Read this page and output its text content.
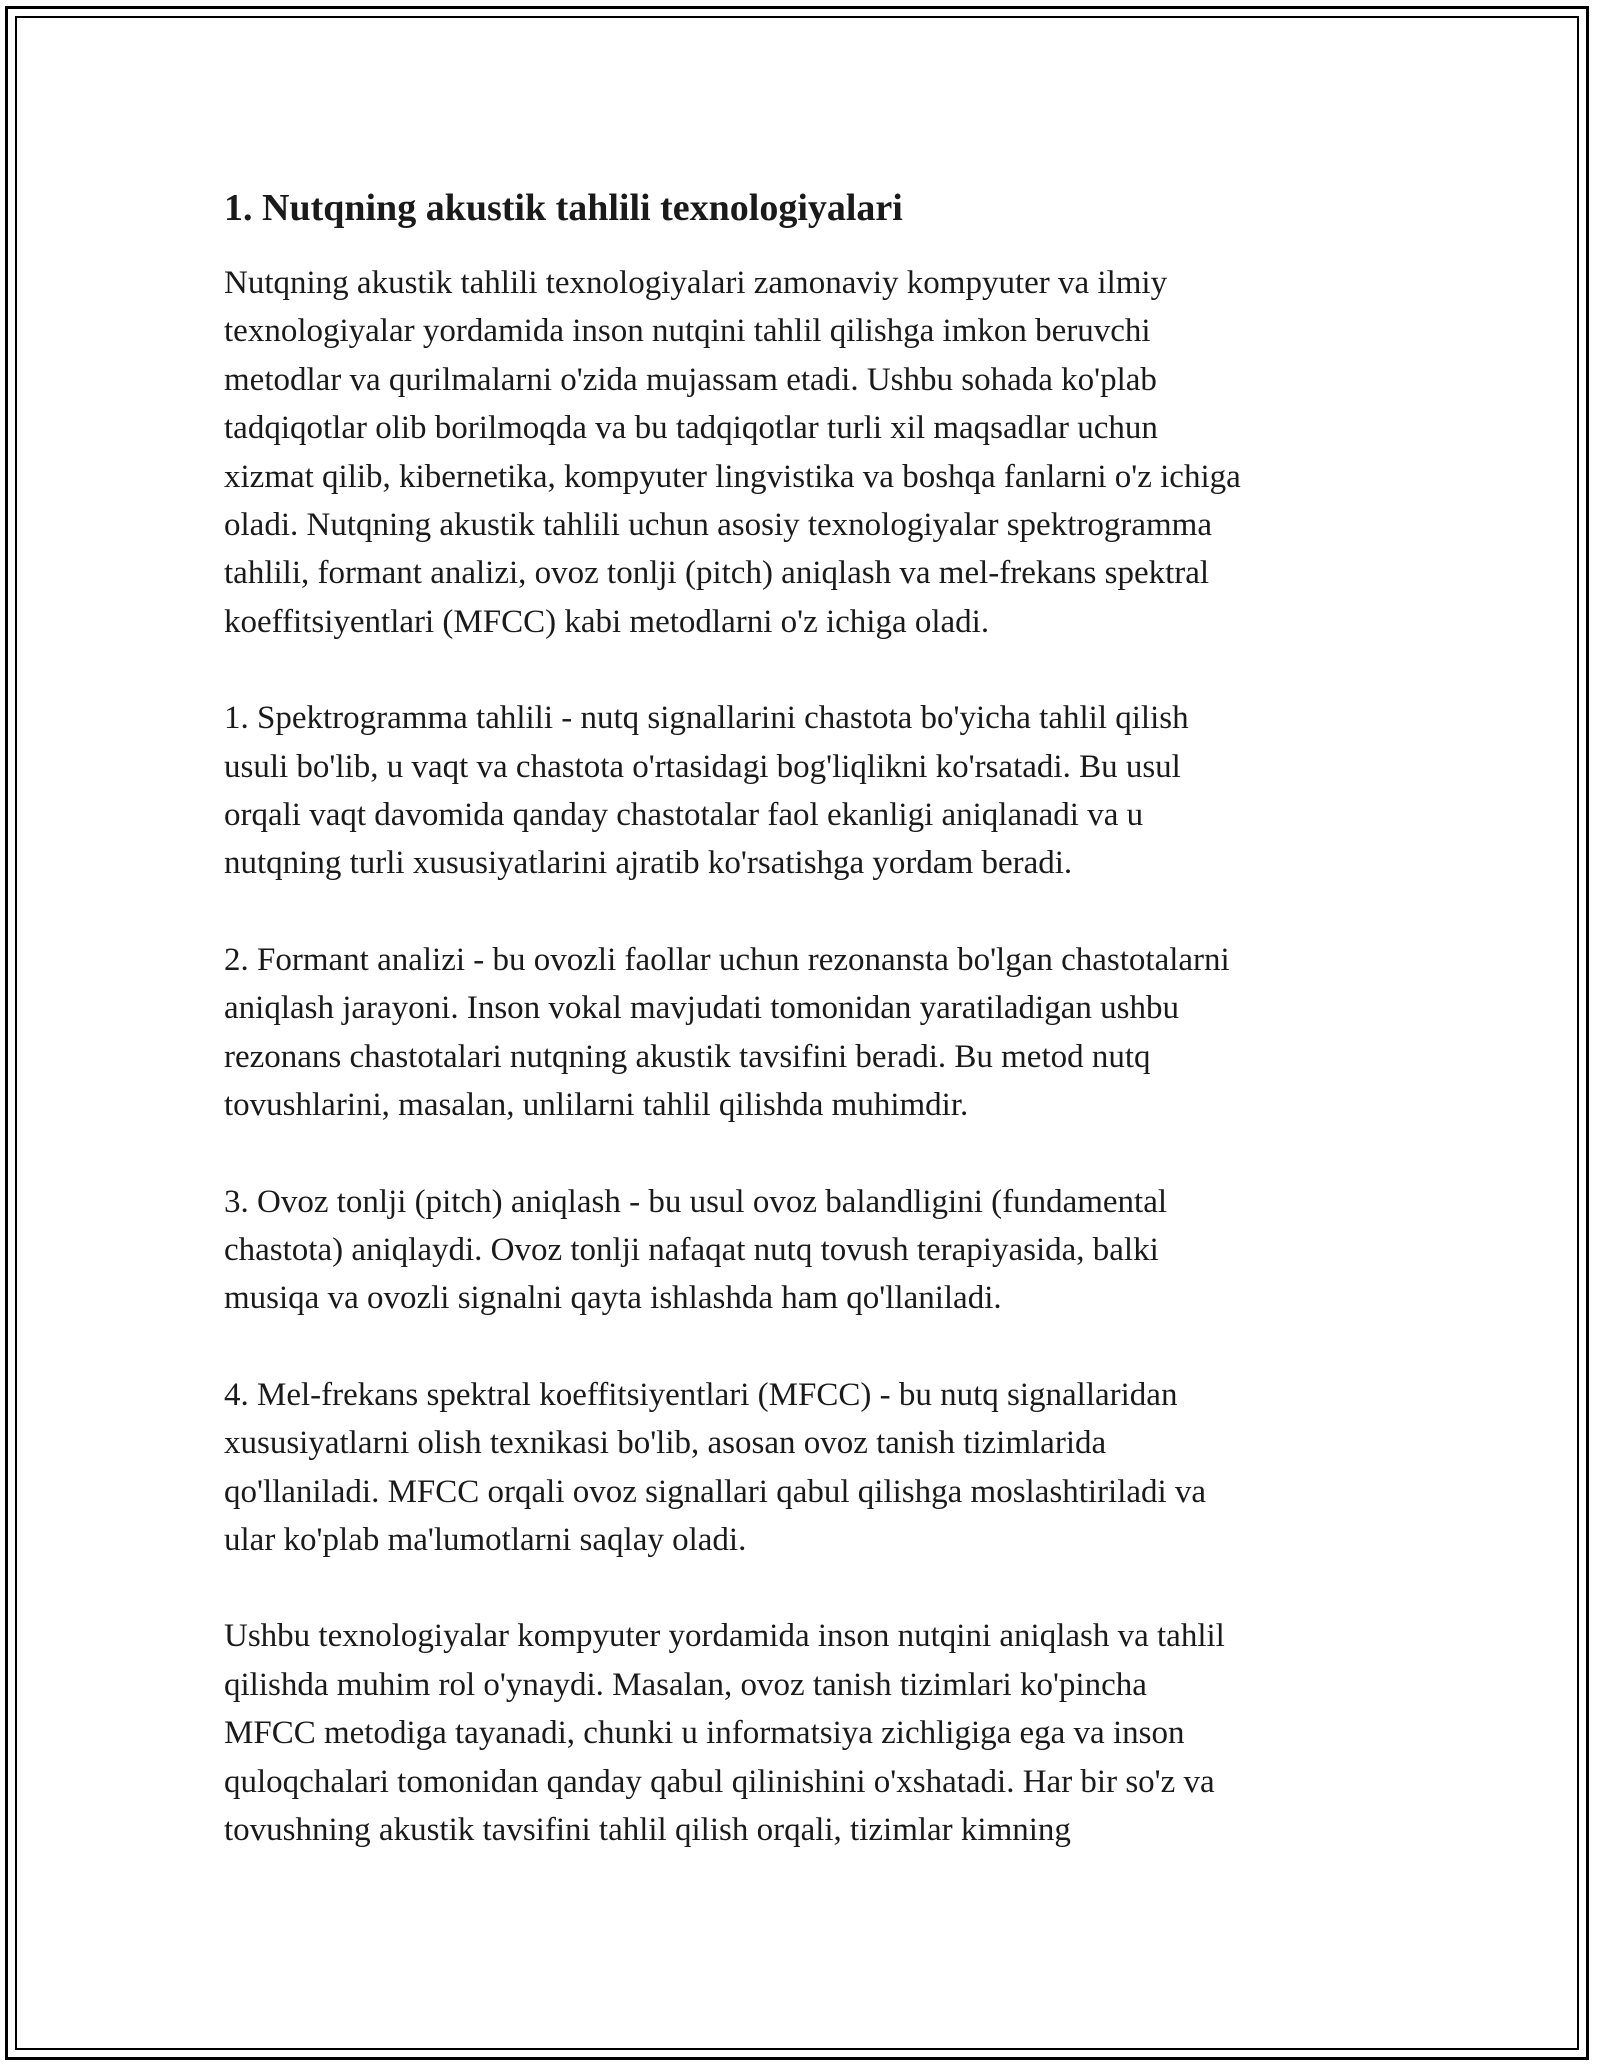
1. Nutqning akustik tahlili texnologiyalari

Nutqning akustik tahlili texnologiyalari zamonaviy kompyuter va ilmiy
texnologiyalar yordamida inson nutqini tahlil qilishga imkon beruvchi
metodlar va qurilmalarni o'zida mujassam etadi. Ushbu sohada ko'plab
tadqiqotlar olib borilmoqda va bu tadqiqotlar turli xil maqsadlar uchun
xizmat qilib, kibernetika, kompyuter lingvistika va boshqa fanlarni o'z ichiga
oladi. Nutqning akustik tahlili uchun asosiy texnologiyalar spektrogramma
tahlili, formant analizi, ovoz tonlji (pitch) aniqlash va mel-frekans spektral
koeffitsiyentlari (MFCC) kabi metodlarni o'z ichiga oladi.

1. Spektrogramma tahlili - nutq signallarini chastota bo'yicha tahlil qilish
usuli bo'lib, u vaqt va chastota o'rtasidagi bog'liqlikni ko'rsatadi. Bu usul
orqali vaqt davomida qanday chastotalar faol ekanligi aniqlanadi va u
nutqning turli xususiyatlarini ajratib ko'rsatishga yordam beradi.

2. Formant analizi - bu ovozli faollar uchun rezonansta bo'lgan chastotalarni
aniqlash jarayoni. Inson vokal mavjudati tomonidan yaratiladigan ushbu
rezonans chastotalari nutqning akustik tavsifini beradi. Bu metod nutq
tovushlarini, masalan, unlilarni tahlil qilishda muhimdir.

3. Ovoz tonlji (pitch) aniqlash - bu usul ovoz balandligini (fundamental
chastota) aniqlaydi. Ovoz tonlji nafaqat nutq tovush terapiyasida, balki
musiqa va ovozli signalni qayta ishlashda ham qo'llaniladi.

4. Mel-frekans spektral koeffitsiyentlari (MFCC) - bu nutq signallaridan
xususiyatlarni olish texnikasi bo'lib, asosan ovoz tanish tizimlarida
qo'llaniladi. MFCC orqali ovoz signallari qabul qilishga moslashtiriladi va
ular ko'plab ma'lumotlarni saqlay oladi.

Ushbu texnologiyalar kompyuter yordamida inson nutqini aniqlash va tahlil
qilishda muhim rol o'ynaydi. Masalan, ovoz tanish tizimlari ko'pincha
MFCC metodiga tayanadi, chunki u informatsiya zichligiga ega va inson
quloqchalari tomonidan qanday qabul qilinishini o'xshatadi. Har bir so'z va
tovushning akustik tavsifini tahlil qilish orqali, tizimlar kimning
